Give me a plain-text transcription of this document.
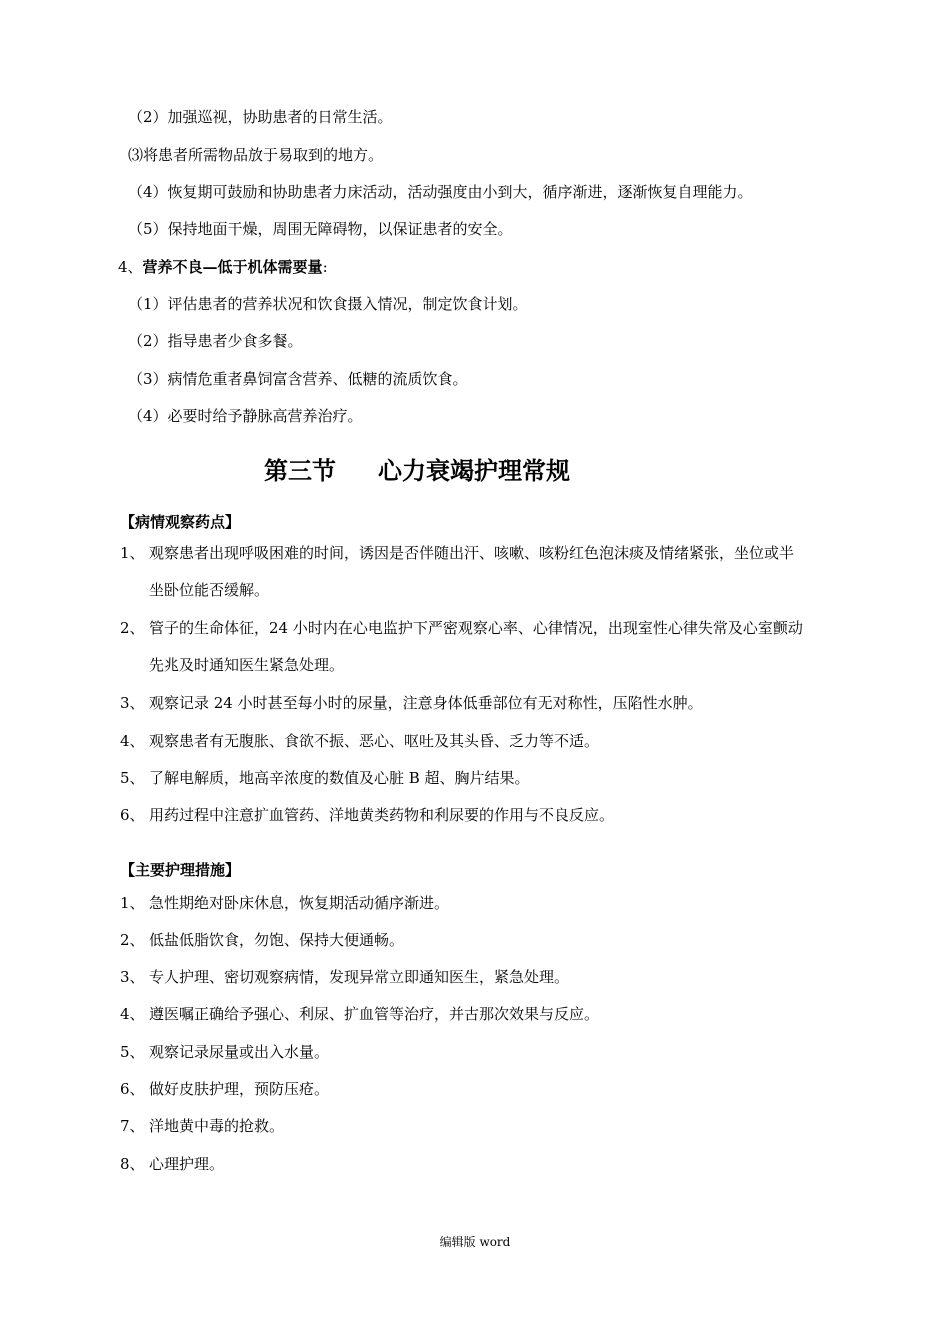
（2）加强巡视，协助患者的日常生活。
⑶将患者所需物品放于易取到的地方。
（4）恢复期可鼓励和协助患者力床活动，活动强度由小到大，循序渐进，逐渐恢复自理能力。
（5）保持地面干燥，周围无障碍物，以保证患者的安全。
4、营养不良—低于机体需要量:
（1）评估患者的营养状况和饮食摄入情况，制定饮食计划。
（2）指导患者少食多餐。
（3）病情危重者鼻饲富含营养、低糖的流质饮食。
（4）必要时给予静脉高营养治疗。
第三节 心力衰竭护理常规
【病情观察药点】
1、 观察患者出现呼吸困难的时间，诱因是否伴随出汗、咳嗽、咳粉红色泡沫痰及情绪紧张，坐位或半
坐卧位能否缓解。
2、 管子的生命体征，24 小时内在心电监护下严密观察心率、心律情况，出现室性心律失常及心室颤动
先兆及时通知医生紧急处理。
3、 观察记录 24 小时甚至每小时的尿量，注意身体低垂部位有无对称性，压陷性水肿。
4、 观察患者有无腹胀、食欲不振、恶心、呕吐及其头昏、乏力等不适。
5、 了解电解质，地高辛浓度的数值及心脏 B 超、胸片结果。
6、 用药过程中注意扩血管药、洋地黄类药物和利尿要的作用与不良反应。
【主要护理措施】
1、 急性期绝对卧床休息，恢复期活动循序渐进。
2、 低盐低脂饮食，勿饱、保持大便通畅。
3、 专人护理、密切观察病情，发现异常立即通知医生，紧急处理。
4、 遵医嘱正确给予强心、利尿、扩血管等治疗，并古那次效果与反应。
5、 观察记录尿量或出入水量。
6、 做好皮肤护理，预防压疮。
7、 洋地黄中毒的抢救。
8、 心理护理。
编辑版 word
